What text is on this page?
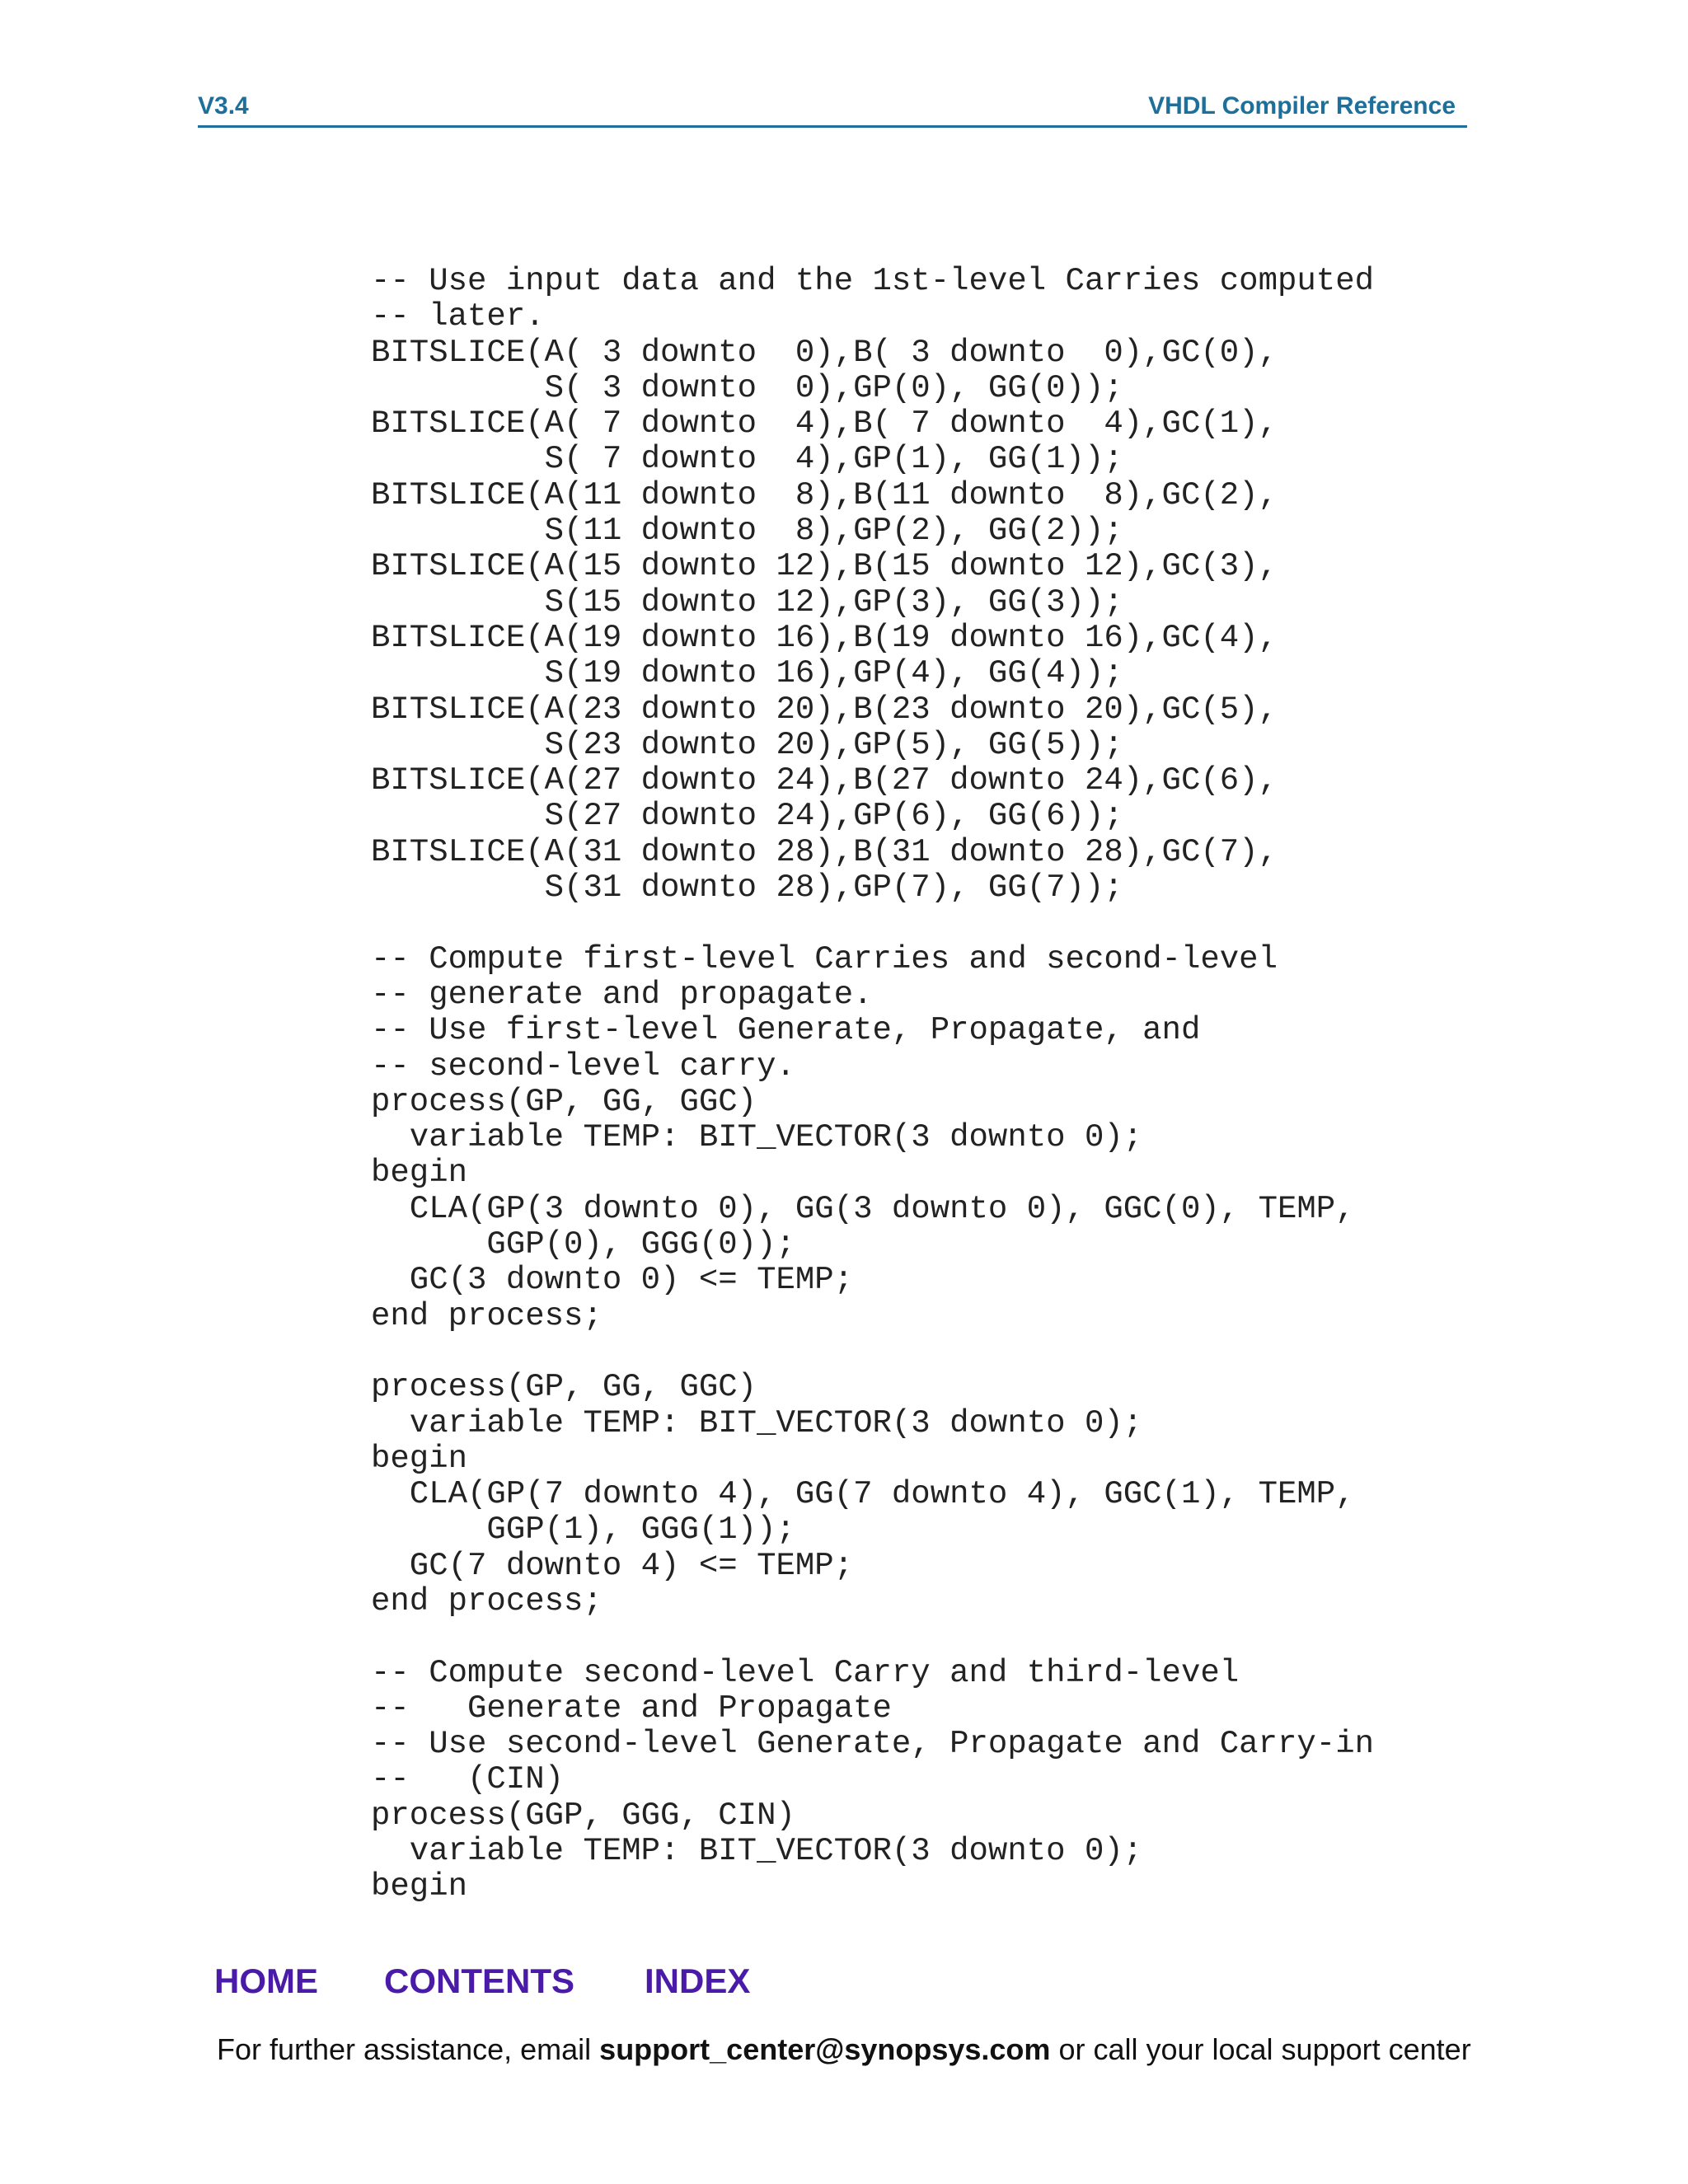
V3.4	VHDL Compiler Reference
-- Use input data and the 1st-level Carries computed
-- later.
BITSLICE(A( 3 downto  0),B( 3 downto  0),GC(0),
S( 3 downto  0),GP(0), GG(0));
BITSLICE(A( 7 downto  4),B( 7 downto  4),GC(1),
S( 7 downto  4),GP(1), GG(1));
BITSLICE(A(11 downto  8),B(11 downto  8),GC(2),
S(11 downto  8),GP(2), GG(2));
BITSLICE(A(15 downto 12),B(15 downto 12),GC(3),
S(15 downto 12),GP(3), GG(3));
BITSLICE(A(19 downto 16),B(19 downto 16),GC(4),
S(19 downto 16),GP(4), GG(4));
BITSLICE(A(23 downto 20),B(23 downto 20),GC(5),
S(23 downto 20),GP(5), GG(5));
BITSLICE(A(27 downto 24),B(27 downto 24),GC(6),
S(27 downto 24),GP(6), GG(6));
BITSLICE(A(31 downto 28),B(31 downto 28),GC(7),
S(31 downto 28),GP(7), GG(7));
-- Compute first-level Carries and second-level
-- generate and propagate.
-- Use first-level Generate, Propagate, and
-- second-level carry.
process(GP, GG, GGC)
variable TEMP: BIT_VECTOR(3 downto 0);
begin
CLA(GP(3 downto 0), GG(3 downto 0), GGC(0), TEMP,
GGP(0), GGG(0));
GC(3 downto 0) <= TEMP;
end process;
process(GP, GG, GGC)
variable TEMP: BIT_VECTOR(3 downto 0);
begin
CLA(GP(7 downto 4), GG(7 downto 4), GGC(1), TEMP,
GGP(1), GGG(1));
GC(7 downto 4) <= TEMP;
end process;
-- Compute second-level Carry and third-level
--   Generate and Propagate
-- Use second-level Generate, Propagate and Carry-in
--   (CIN)
process(GGP, GGG, CIN)
variable TEMP: BIT_VECTOR(3 downto 0);
begin
HOME CONTENTS INDEX
For further assistance, email support_center@synopsys.com or call your local support center
